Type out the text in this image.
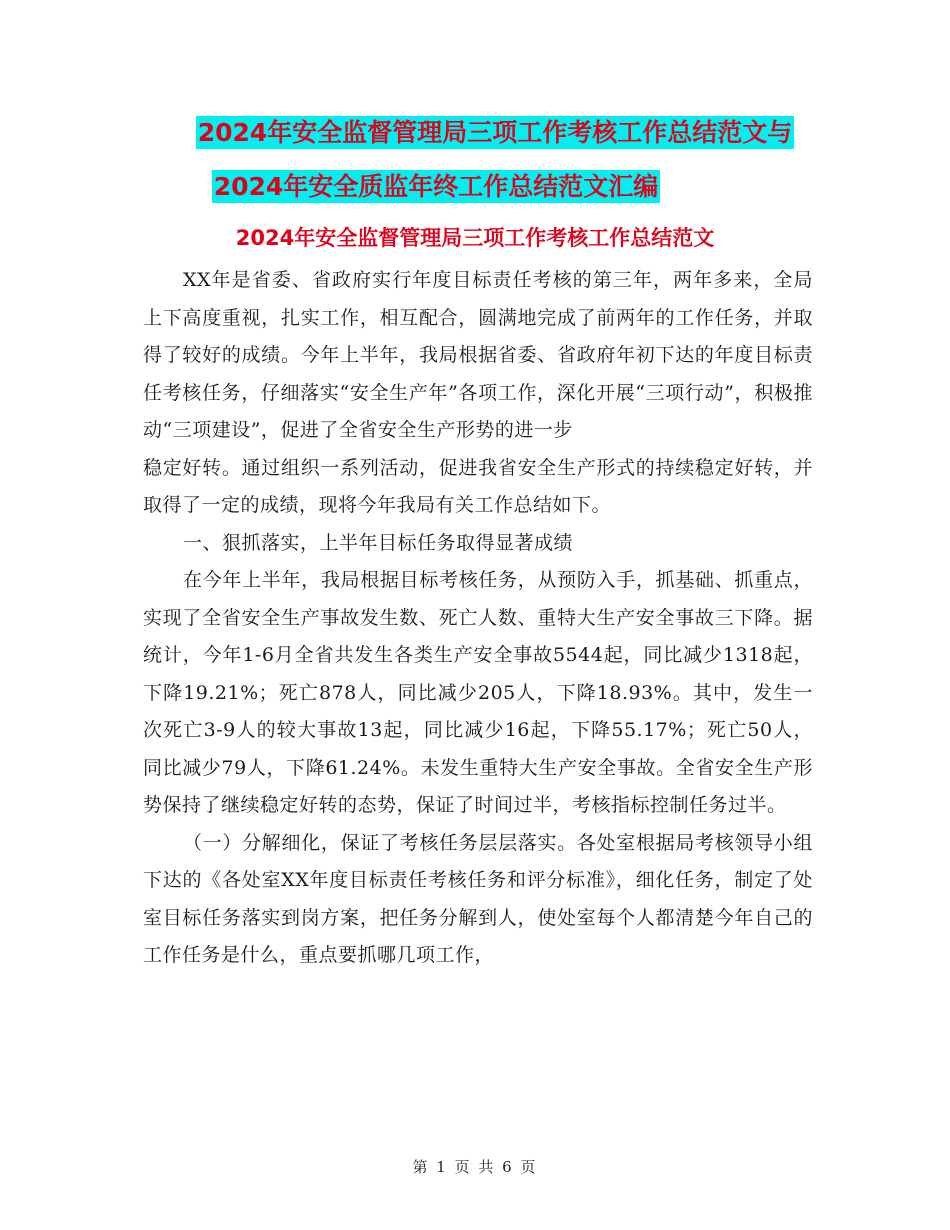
2024年安全监督管理局三项工作考核工作总结范文与
2024年安全质监年终工作总结范文汇编
2024年安全监督管理局三项工作考核工作总结范文

XX年是省委、省政府实行年度目标责任考核的第三年，两年多来，全局上下高度重视，扎实工作，相互配合，圆满地完成了前两年的工作任务，并取得了较好的成绩。今年上半年，我局根据省委、省政府年初下达的年度目标责任考核任务，仔细落实“安全生产年”各项工作，深化开展“三项行动”，积极推动“三项建设”，促进了全省安全生产形势的进一步

稳定好转。通过组织一系列活动，促进我省安全生产形式的持续稳定好转，并取得了一定的成绩，现将今年我局有关工作总结如下。

一、狠抓落实，上半年目标任务取得显著成绩

在今年上半年，我局根据目标考核任务，从预防入手，抓基础、抓重点，实现了全省安全生产事故发生数、死亡人数、重特大生产安全事故三下降。据统计，今年1-6月全省共发生各类生产安全事故5544起，同比减少1318起，下降19.21%；死亡878人，同比减少205人，下降18.93%。其中，发生一次死亡3-9人的较大事故13起，同比减少16起，下降55.17%；死亡50人，同比减少79人，下降61.24%。未发生重特大生产安全事故。全省安全生产形势保持了继续稳定好转的态势，保证了时间过半，考核指标控制任务过半。

（一）分解细化，保证了考核任务层层落实。各处室根据局考核领导小组下达的《各处室XX年度目标责任考核任务和评分标准》，细化任务，制定了处室目标任务落实到岗方案，把任务分解到人，使处室每个人都清楚今年自己的工作任务是什么，重点要抓哪几项工作，

第 1 页 共 6 页
